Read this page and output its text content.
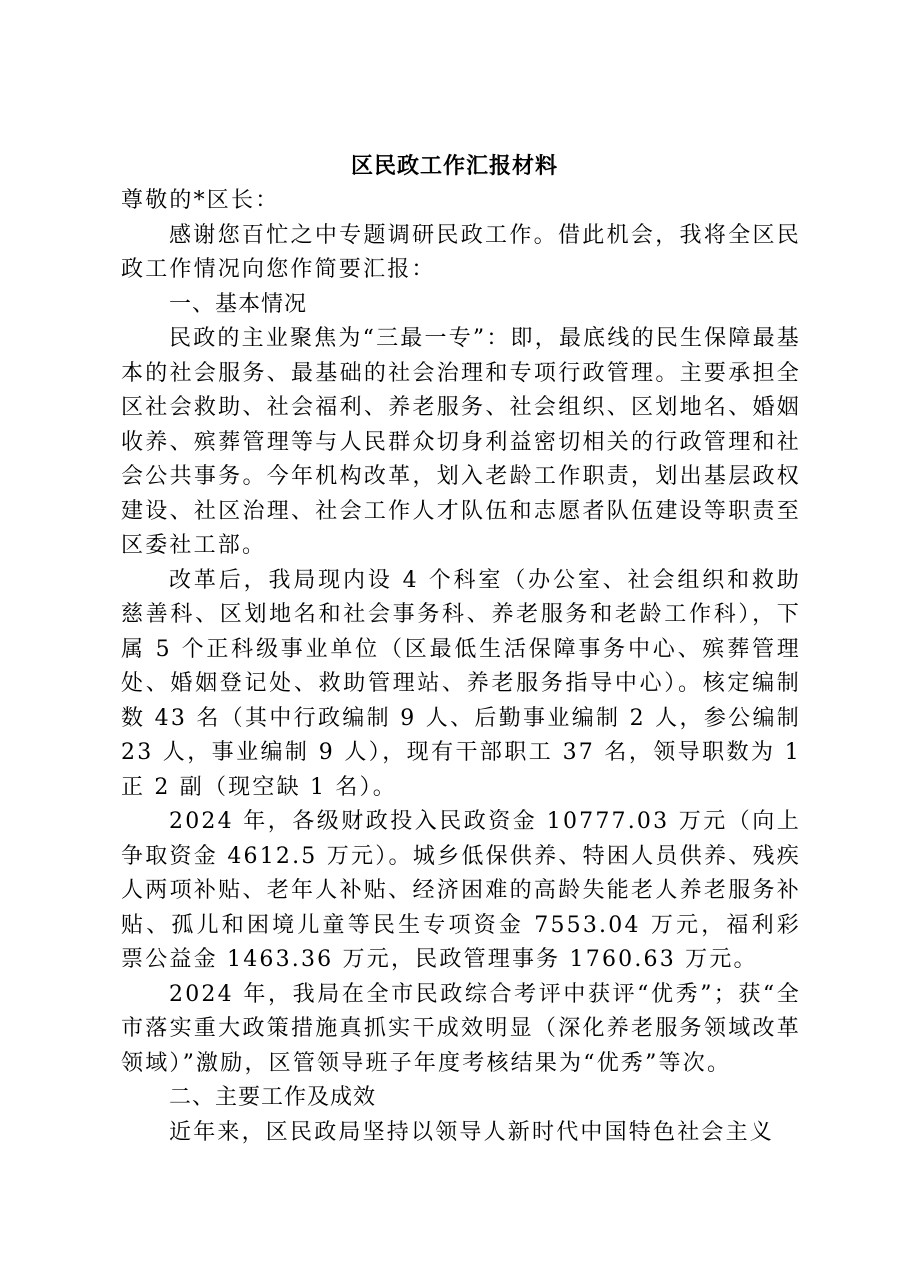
区民政工作汇报材料

尊敬的*区长：

感谢您百忙之中专题调研民政工作。借此机会，我将全区民政工作情况向您作简要汇报：

一、基本情况

民政的主业聚焦为“三最一专”：即，最底线的民生保障最基本的社会服务、最基础的社会治理和专项行政管理。主要承担全区社会救助、社会福利、养老服务、社会组织、区划地名、婚姻收养、殡葬管理等与人民群众切身利益密切相关的行政管理和社会公共事务。今年机构改革，划入老龄工作职责，划出基层政权建设、社区治理、社会工作人才队伍和志愿者队伍建设等职责至区委社工部。

改革后，我局现内设 4 个科室（办公室、社会组织和救助慈善科、区划地名和社会事务科、养老服务和老龄工作科），下属 5 个正科级事业单位（区最低生活保障事务中心、殡葬管理处、婚姻登记处、救助管理站、养老服务指导中心）。核定编制数 43 名（其中行政编制 9 人、后勤事业编制 2 人，参公编制 23 人，事业编制 9 人），现有干部职工 37 名，领导职数为 1 正 2 副（现空缺 1 名）。

2024 年，各级财政投入民政资金 10777.03 万元（向上争取资金 4612.5 万元）。城乡低保供养、特困人员供养、残疾人两项补贴、老年人补贴、经济困难的高龄失能老人养老服务补贴、孤儿和困境儿童等民生专项资金 7553.04 万元，福利彩票公益金 1463.36 万元，民政管理事务 1760.63 万元。

2024 年，我局在全市民政综合考评中获评“优秀”；获“全市落实重大政策措施真抓实干成效明显（深化养老服务领域改革领域）”激励，区管领导班子年度考核结果为“优秀”等次。

二、主要工作及成效

近年来，区民政局坚持以领导人新时代中国特色社会主义
